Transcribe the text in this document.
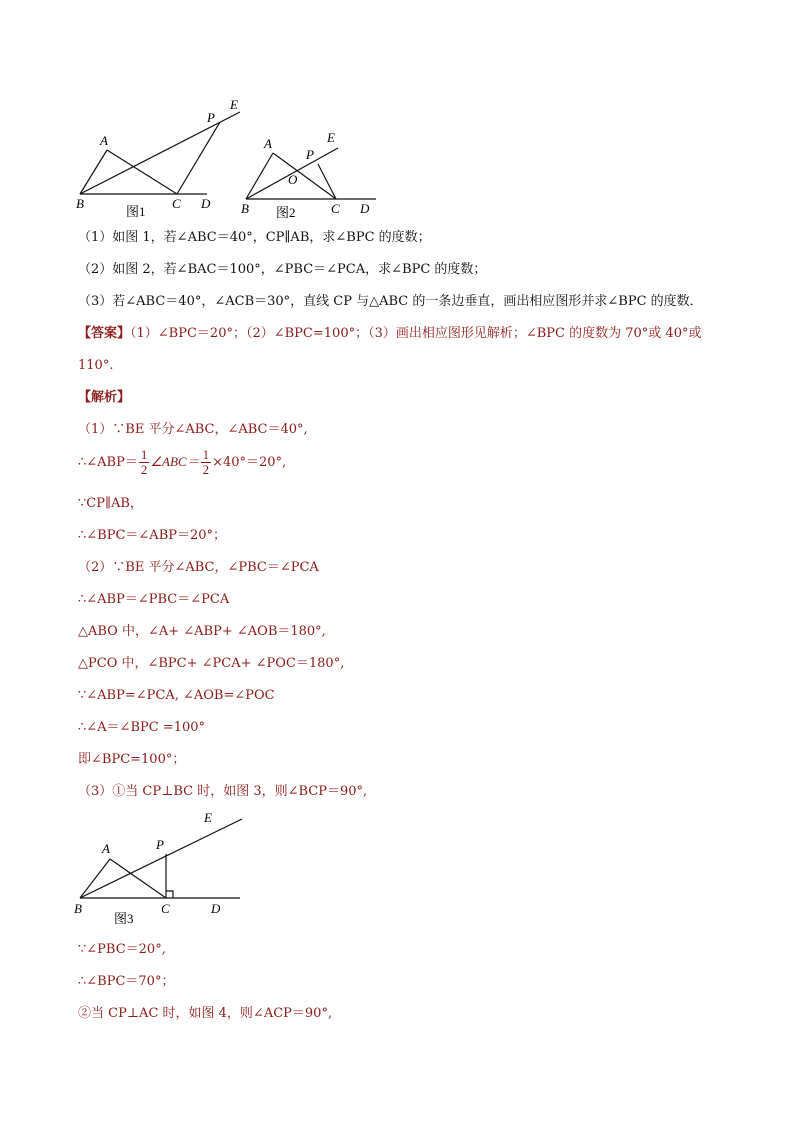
A
B	C D
P
E
图1
A
B	C D
P
E
O
图2
（1）如图 1，若∠ABC＝40°，CP∥AB，求∠BPC 的度数；
（2）如图 2，若∠BAC＝100°，∠PBC＝∠PCA，求∠BPC 的度数；
（3）若∠ABC＝40°，∠ACB＝30°，直线 CP 与△ABC 的一条边垂直，画出相应图形并求∠BPC 的度数．
【答案】（1）∠BPC＝20°；（2）∠BPC=100°；（3）画出相应图形见解析；∠BPC 的度数为 70°或 40°或
110°.
【解析】
（1）∵BE 平分∠ABC，∠ABC＝40°,
∴∠ABP＝ $\frac{1}{2}$ ∠ABC＝ $\frac{1}{2} \times 40^\circ=20^\circ$,
∵CP∥AB，
∴∠BPC＝∠ABP＝20°；
（2）∵BE 平分∠ABC，∠PBC＝∠PCA
∴∠ABP＝∠PBC＝∠PCA
△ABO 中，∠A+ ∠ABP+ ∠AOB＝180°,
△PCO 中，∠BPC+ ∠PCA+ ∠POC＝180°,
∵∠ABP=∠PCA, ∠AOB=∠POC
∴∠A＝∠BPC =100°
即∠BPC=100°；
（3）①当 CP⊥BC 时，如图 3，则∠BCP＝90°,
A
B	C	D
P
E
图3
∵∠PBC＝20°,
∴∠BPC＝70°；
②当 CP⊥AC 时，如图 4，则∠ACP＝90°,
